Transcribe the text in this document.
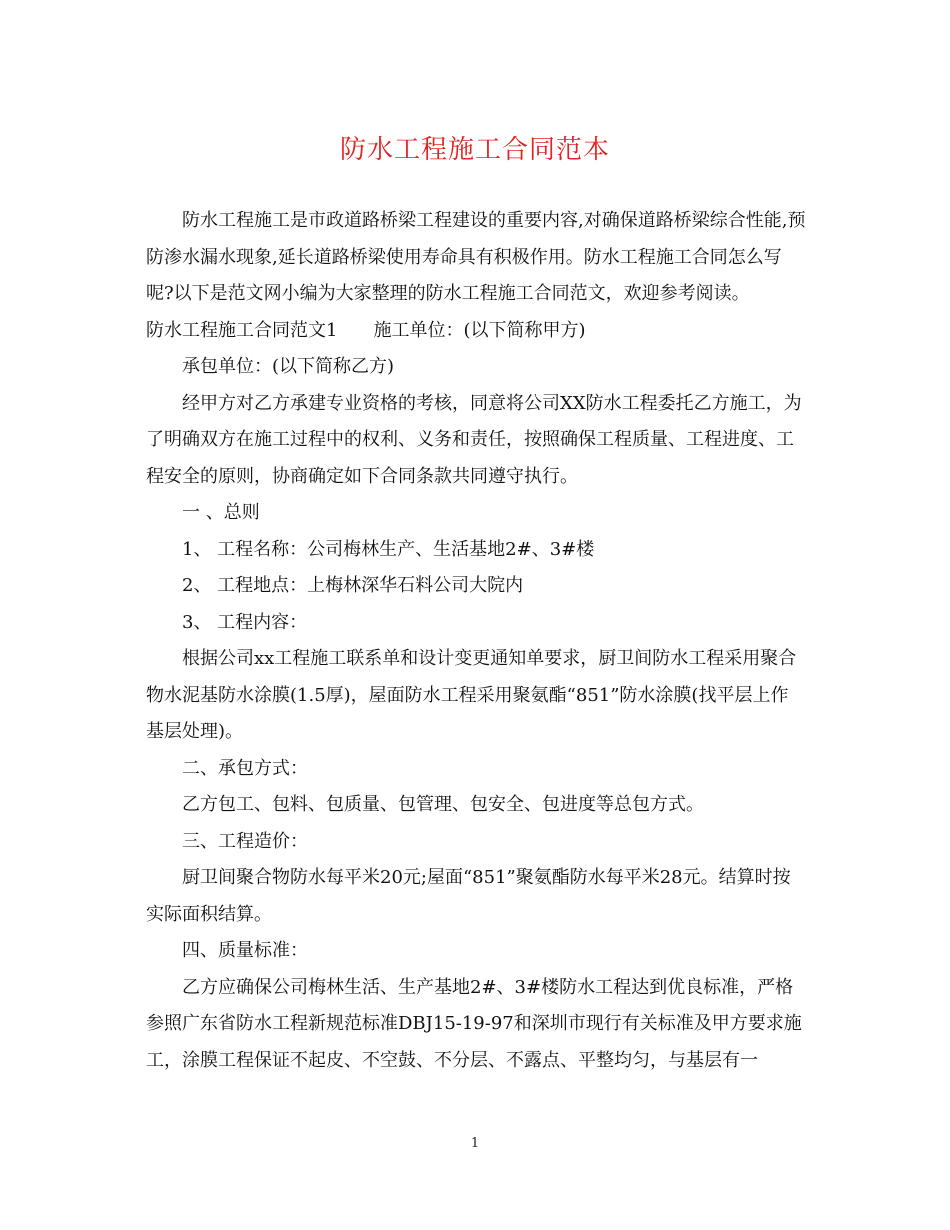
防水工程施工合同范本

防水工程施工是市政道路桥梁工程建设的重要内容,对确保道路桥梁综合性能,预防渗水漏水现象,延长道路桥梁使用寿命具有积极作用。防水工程施工合同怎么写呢?以下是范文网小编为大家整理的防水工程施工合同范文，欢迎参考阅读。

防水工程施工合同范文1 施工单位：(以下简称甲方)

承包单位：(以下简称乙方)

经甲方对乙方承建专业资格的考核，同意将公司XX防水工程委托乙方施工，为了明确双方在施工过程中的权利、义务和责任，按照确保工程质量、工程进度、工程安全的原则，协商确定如下合同条款共同遵守执行。

一 、总则

1、 工程名称：公司梅林生产、生活基地2#、3#楼

2、 工程地点：上梅林深华石料公司大院内

3、 工程内容：

根据公司xx工程施工联系单和设计变更通知单要求，厨卫间防水工程采用聚合物水泥基防水涂膜(1.5厚)，屋面防水工程采用聚氨酯“851”防水涂膜(找平层上作基层处理)。

二、承包方式：

乙方包工、包料、包质量、包管理、包安全、包进度等总包方式。

三、工程造价：

厨卫间聚合物防水每平米20元;屋面“851”聚氨酯防水每平米28元。结算时按实际面积结算。

四、质量标准：

乙方应确保公司梅林生活、生产基地2#、3#楼防水工程达到优良标准，严格参照广东省防水工程新规范标准DBJ15-19-97和深圳市现行有关标准及甲方要求施工，涂膜工程保证不起皮、不空鼓、不分层、不露点、平整均匀，与基层有一

1
